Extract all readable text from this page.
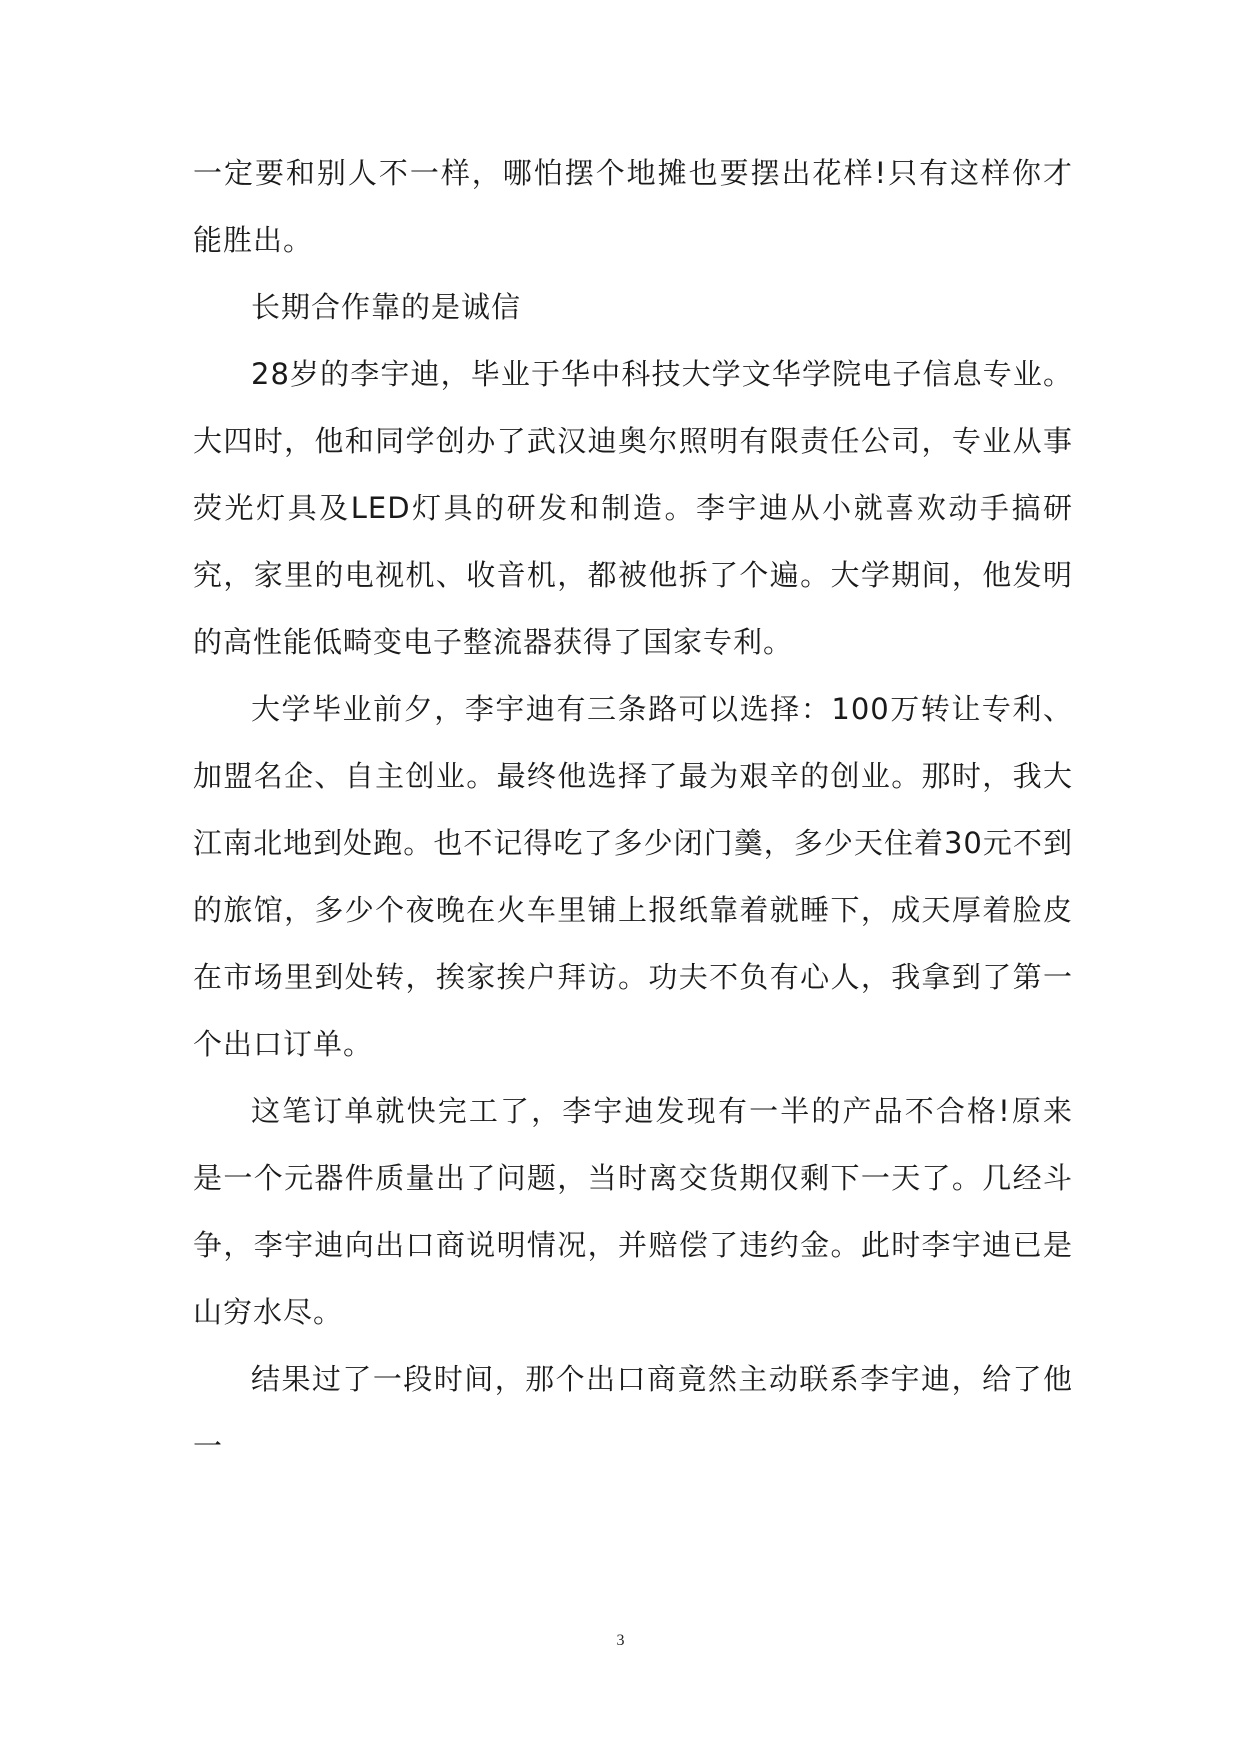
一定要和别人不一样，哪怕摆个地摊也要摆出花样!只有这样你才能胜出。

长期合作靠的是诚信

28岁的李宇迪，毕业于华中科技大学文华学院电子信息专业。大四时，他和同学创办了武汉迪奥尔照明有限责任公司，专业从事荧光灯具及LED灯具的研发和制造。李宇迪从小就喜欢动手搞研究，家里的电视机、收音机，都被他拆了个遍。大学期间，他发明的高性能低畸变电子整流器获得了国家专利。

大学毕业前夕，李宇迪有三条路可以选择：100万转让专利、加盟名企、自主创业。最终他选择了最为艰辛的创业。那时，我大江南北地到处跑。也不记得吃了多少闭门羹，多少天住着30元不到的旅馆，多少个夜晚在火车里铺上报纸靠着就睡下，成天厚着脸皮在市场里到处转，挨家挨户拜访。功夫不负有心人，我拿到了第一个出口订单。

这笔订单就快完工了，李宇迪发现有一半的产品不合格!原来是一个元器件质量出了问题，当时离交货期仅剩下一天了。几经斗争，李宇迪向出口商说明情况，并赔偿了违约金。此时李宇迪已是山穷水尽。

结果过了一段时间，那个出口商竟然主动联系李宇迪，给了他一

3
